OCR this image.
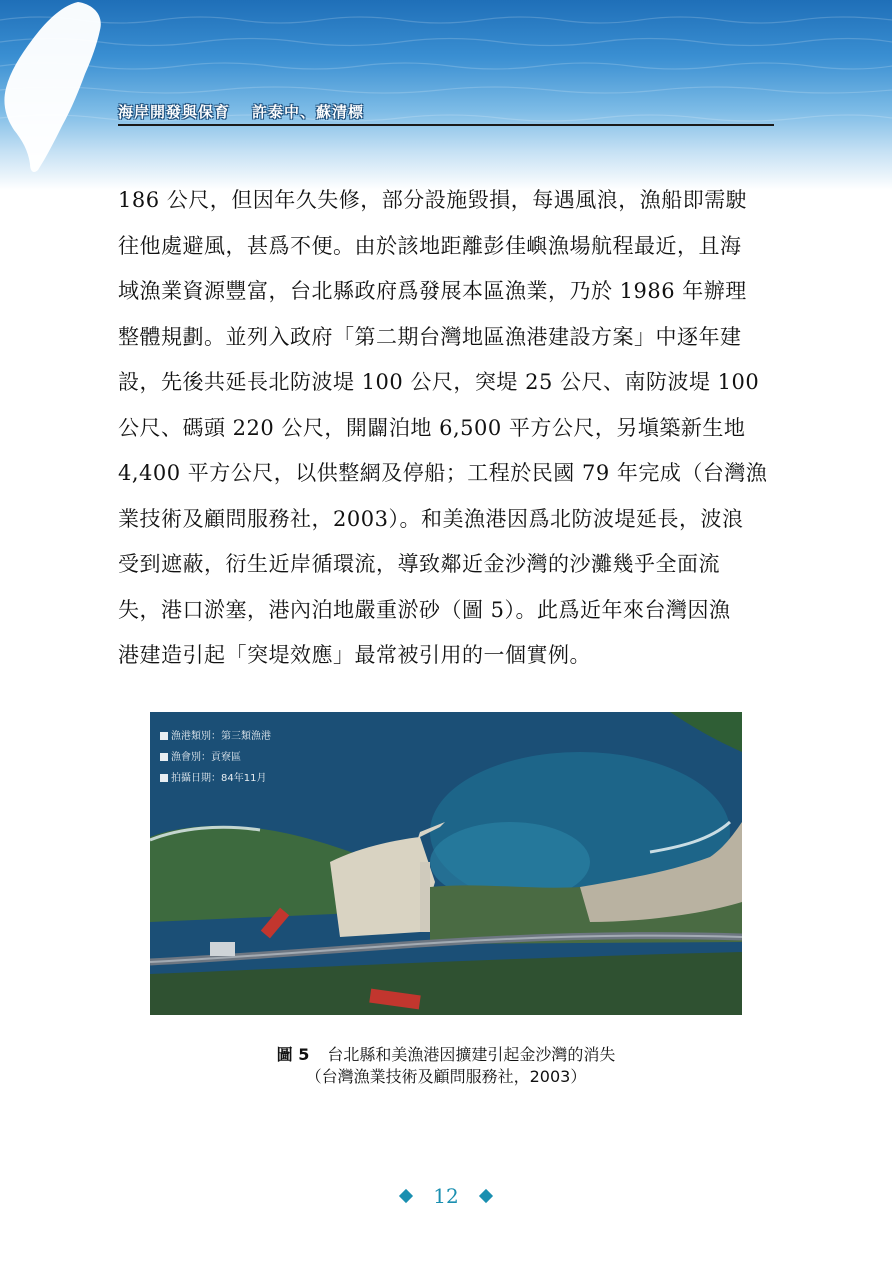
海岸開發與保育 許泰中、蘇清標
186 公尺，但因年久失修，部分設施毀損，每遇風浪，漁船即需駛
往他處避風，甚爲不便。由於該地距離彭佳嶼漁場航程最近，且海
域漁業資源豐富，台北縣政府爲發展本區漁業，乃於 1986 年辦理
整體規劃。並列入政府「第二期台灣地區漁港建設方案」中逐年建
設，先後共延長北防波堤 100 公尺，突堤 25 公尺、南防波堤 100
公尺、碼頭 220 公尺，開闢泊地 6,500 平方公尺，另塡築新生地
4,400 平方公尺，以供整網及停船；工程於民國 79 年完成（台灣漁
業技術及顧問服務社，2003）。和美漁港因爲北防波堤延長，波浪
受到遮蔽，衍生近岸循環流，導致鄰近金沙灣的沙灘幾乎全面流
失，港口淤塞，港內泊地嚴重淤砂（圖 5）。此爲近年來台灣因漁
港建造引起「突堤效應」最常被引用的一個實例。
漁港類別：第三類漁港
漁會別：貢寮區
拍攝日期：84年11月
圖 5 台北縣和美漁港因擴建引起金沙灣的消失
（台灣漁業技術及顧問服務社，2003）
12
